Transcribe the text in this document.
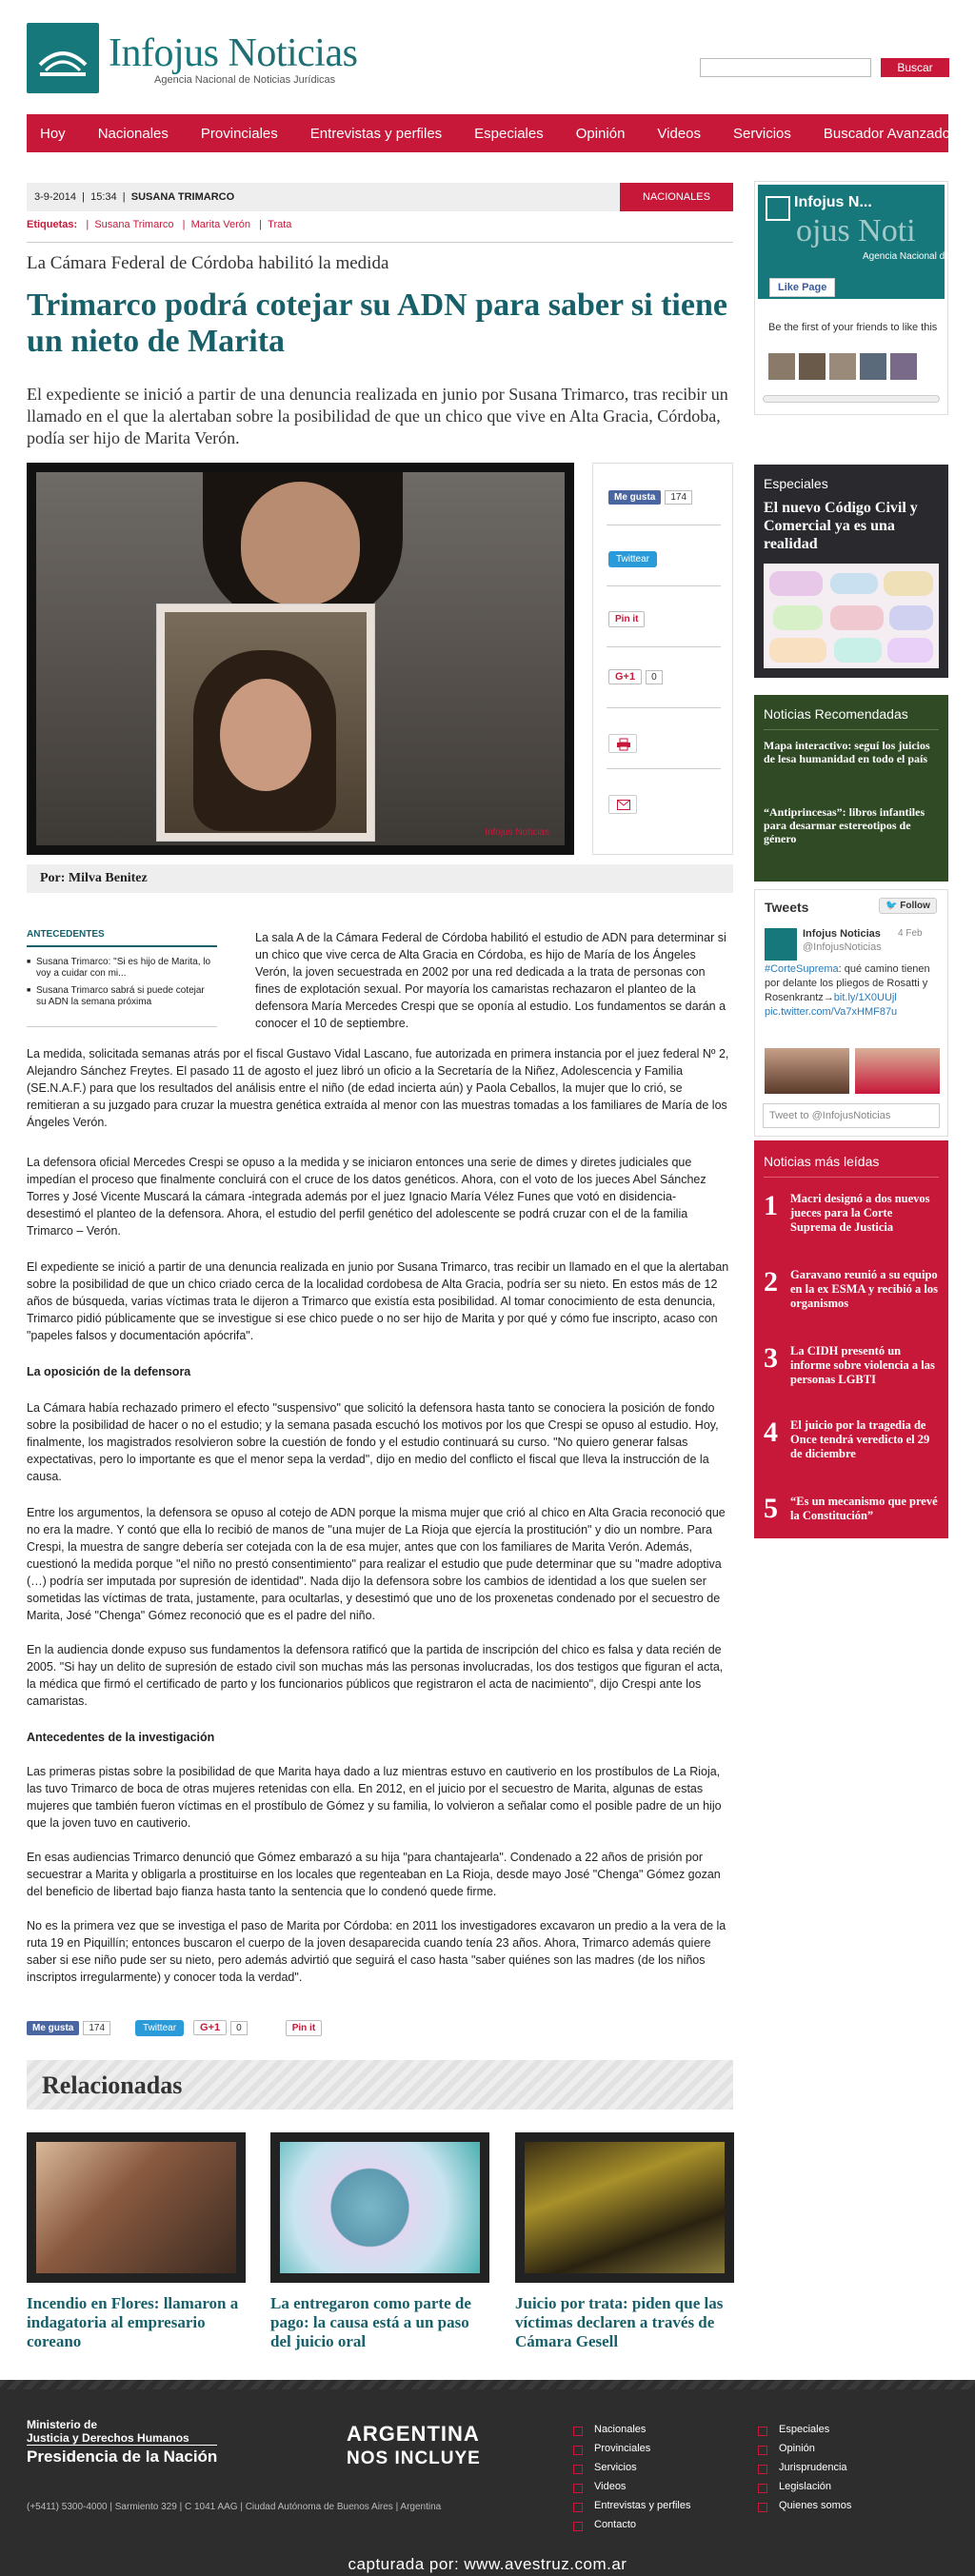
Infojus Noticias
Agencia Nacional de Noticias Jurídicas
Buscar
Hoy Nacionales Provinciales Entrevistas y perfiles Especiales Opinión Videos Servicios Buscador Avanzado
3-9-2014  |  15:34  |  SUSANA TRIMARCO	NACIONALES
Etiquetas:   |  Susana Trimarco   |  Marita Verón   |  Trata
La Cámara Federal de Córdoba habilitó la medida
Trimarco podrá cotejar su ADN para saber si tiene un nieto de Marita
El expediente se inició a partir de una denuncia realizada en junio por Susana Trimarco, tras recibir un llamado en el que la alertaban sobre la posibilidad de que un chico que vive en Alta Gracia, Córdoba, podía ser hijo de Marita Verón.
Infojus Noticias
Me gusta	174
Twittear
Pin it
G+1	0
Por: Milva Benitez
ANTECEDENTES
■ Susana Trimarco: "Si es hijo de Marita, lo voy a cuidar con mi...
■ Susana Trimarco sabrá si puede cotejar su ADN la semana próxima

La sala A de la Cámara Federal de Córdoba habilitó el estudio de ADN para determinar si un chico que vive cerca de Alta Gracia en Córdoba, es hijo de María de los Ángeles Verón, la joven secuestrada en 2002 por una red dedicada a la trata de personas con fines de explotación sexual. Por mayoría los camaristas rechazaron el planteo de la defensora María Mercedes Crespi que se oponía al estudio. Los fundamentos se darán a conocer el 10 de septiembre.

La medida, solicitada semanas atrás por el fiscal Gustavo Vidal Lascano, fue autorizada en primera instancia por el juez federal Nº 2, Alejandro Sánchez Freytes. El pasado 11 de agosto el juez libró un oficio a la Secretaría de la Niñez, Adolescencia y Familia (SE.N.A.F.) para que los resultados del análisis entre el niño (de edad incierta aún) y Paola Ceballos, la mujer que lo crió, se remitieran a su juzgado para cruzar la muestra genética extraída al menor con las muestras tomadas a los familiares de María de los Ángeles Verón.

La defensora oficial Mercedes Crespi se opuso a la medida y se iniciaron entonces una serie de dimes y diretes judiciales que impedían el proceso que finalmente concluirá con el cruce de los datos genéticos. Ahora, con el voto de los jueces Abel Sánchez Torres y José Vicente Muscará la cámara -integrada además por el juez Ignacio María Vélez Funes que votó en disidencia- desestimó el planteo de la defensora. Ahora, el estudio del perfil genético del adolescente se podrá cruzar con el de la familia Trimarco – Verón.

El expediente se inició a partir de una denuncia realizada en junio por Susana Trimarco, tras recibir un llamado en el que la alertaban sobre la posibilidad de que un chico criado cerca de la localidad cordobesa de Alta Gracia, podría ser su nieto. En estos más de 12 años de búsqueda, varias víctimas trata le dijeron a Trimarco que existía esta posibilidad. Al tomar conocimiento de esta denuncia, Trimarco pidió públicamente que se investigue si ese chico puede o no ser hijo de Marita y por qué y cómo fue inscripto, acaso con "papeles falsos y documentación apócrifa".

La oposición de la defensora

La Cámara había rechazado primero el efecto "suspensivo" que solicitó la defensora hasta tanto se conociera la posición de fondo sobre la posibilidad de hacer o no el estudio; y la semana pasada escuchó los motivos por los que Crespi se opuso al estudio. Hoy, finalmente, los magistrados resolvieron sobre la cuestión de fondo y el estudio continuará su curso. "No quiero generar falsas expectativas, pero lo importante es que el menor sepa la verdad", dijo en medio del conflicto el fiscal que lleva la instrucción de la causa.

Entre los argumentos, la defensora se opuso al cotejo de ADN porque la misma mujer que crió al chico en Alta Gracia reconoció que no era la madre. Y contó que ella lo recibió de manos de "una mujer de La Rioja que ejercía la prostitución" y dio un nombre. Para Crespi, la muestra de sangre debería ser cotejada con la de esa mujer, antes que con los familiares de Marita Verón. Además, cuestionó la medida porque "el niño no prestó consentimiento" para realizar el estudio que pude determinar que su "madre adoptiva (…) podría ser imputada por supresión de identidad". Nada dijo la defensora sobre los cambios de identidad a los que suelen ser sometidas las víctimas de trata, justamente, para ocultarlas, y desestimó que uno de los proxenetas condenado por el secuestro de Marita, José "Chenga" Gómez reconoció que es el padre del niño.

En la audiencia donde expuso sus fundamentos la defensora ratificó que la partida de inscripción del chico es falsa y data recién de 2005. "Si hay un delito de supresión de estado civil son muchas más las personas involucradas, los dos testigos que figuran el acta, la médica que firmó el certificado de parto y los funcionarios públicos que registraron el acta de nacimiento", dijo Crespi ante los camaristas.

Antecedentes de la investigación

Las primeras pistas sobre la posibilidad de que Marita haya dado a luz mientras estuvo en cautiverio en los prostíbulos de La Rioja, las tuvo Trimarco de boca de otras mujeres retenidas con ella. En 2012, en el juicio por el secuestro de Marita, algunas de estas mujeres que también fueron víctimas en el prostíbulo de Gómez y su familia, lo volvieron a señalar como el posible padre de un hijo que la joven tuvo en cautiverio.

En esas audiencias Trimarco denunció que Gómez embarazó a su hija "para chantajearla". Condenado a 22 años de prisión por secuestrar a Marita y obligarla a prostituirse en los locales que regenteaban en La Rioja, desde mayo José "Chenga" Gómez gozan del beneficio de libertad bajo fianza hasta tanto la sentencia que lo condenó quede firme.

No es la primera vez que se investiga el paso de Marita por Córdoba: en 2011 los investigadores excavaron un predio a la vera de la ruta 19 en Piquillín; entonces buscaron el cuerpo de la joven desaparecida cuando tenía 23 años. Ahora, Trimarco además quiere saber si ese niño pude ser su nieto, pero además advirtió que seguirá el caso hasta "saber quiénes son las madres (de los niños inscriptos irregularmente) y conocer toda la verdad".

Me gusta	174	Twittear	G+1	0	Pin it
Relacionadas
Incendio en Flores: llamaron a indagatoria al empresario coreano
La entregaron como parte de pago: la causa está a un paso del juicio oral
Juicio por trata: piden que las víctimas declaren a través de Cámara Gesell
Infojus N...
ojus Noti
Agencia Nacional de Noti
Like Page
Be the first of your friends to like this
Especiales
El nuevo Código Civil y Comercial ya es una realidad
Noticias Recomendadas
Mapa interactivo: seguí los juicios de lesa humanidad en todo el país
“Antiprincesas”: libros infantiles para desarmar estereotipos de género
Tweets	🐦 Follow
Infojus Noticias
@InfojusNoticias
4 Feb
#CorteSuprema: qué camino tienen por delante los pliegos de Rosatti y Rosenkrantz→bit.ly/1X0UUjl pic.twitter.com/Va7xHMF87u
Tweet to @InfojusNoticias
Noticias más leídas
1 Macri designó a dos nuevos jueces para la Corte Suprema de Justicia
2 Garavano reunió a su equipo en la ex ESMA y recibió a los organismos
3 La CIDH presentó un informe sobre violencia a las personas LGBTI
4 El juicio por la tragedia de Once tendrá veredicto el 29 de diciembre
5 “Es un mecanismo que prevé la Constitución”
Ministerio de
Justicia y Derechos Humanos
Presidencia de la Nación
ARGENTINA
NOS INCLUYE
(+5411) 5300-4000 | Sarmiento 329 | C 1041 AAG | Ciudad Autónoma de Buenos Aires | Argentina
Nacionales
Provinciales
Servicios
Videos
Entrevistas y perfiles
Contacto
Especiales
Opinión
Jurisprudencia
Legislación
Quienes somos
capturada por: www.avestruz.com.ar
